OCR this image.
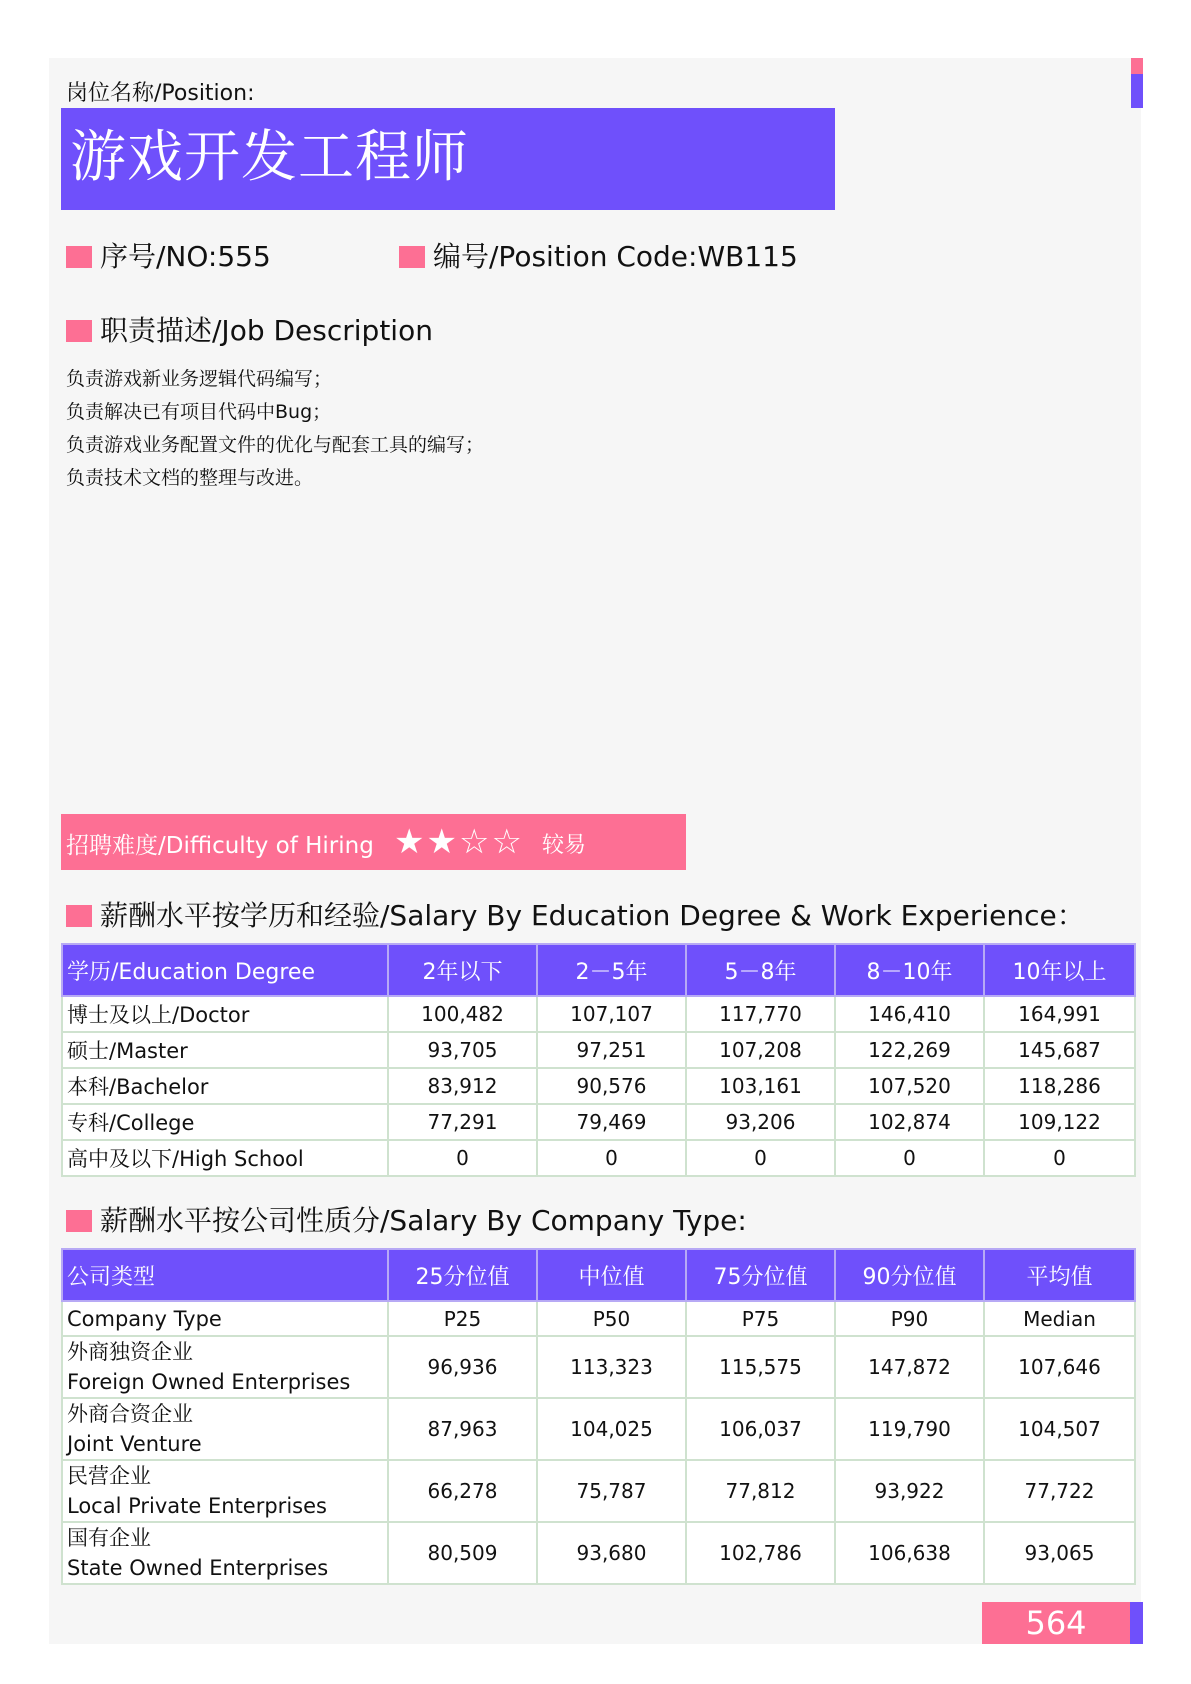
岗位名称/Position:
游戏开发工程师
序号/NO:555	编号/Position Code:WB115
职责描述/Job Description
负责游戏新业务逻辑代码编写；
负责解决已有项目代码中Bug；
负责游戏业务配置文件的优化与配套工具的编写；
负责技术文档的整理与改进。
招聘难度/Difficulty of Hiring ★★☆☆ 较易
薪酬水平按学历和经验/Salary By Education Degree & Work Experience：
学历/Education Degree	2年以下	2－5年	5－8年	8－10年	10年以上
博士及以上/Doctor	100,482	107,107	117,770	146,410	164,991
硕士/Master	93,705	97,251	107,208	122,269	145,687
本科/Bachelor	83,912	90,576	103,161	107,520	118,286
专科/College	77,291	79,469	93,206	102,874	109,122
高中及以下/High School	0	0	0	0	0
薪酬水平按公司性质分/Salary By Company Type:
公司类型	25分位值	中位值	75分位值	90分位值	平均值
Company Type	P25	P50	P75	P90	Median

外商独资企业
Foreign Owned Enterprises	96,936	113,323	115,575	147,872	107,646

外商合资企业
Joint Venture	87,963	104,025	106,037	119,790	104,507

民营企业
Local Private Enterprises	66,278	75,787	77,812	93,922	77,722

国有企业
State Owned Enterprises	80,509	93,680	102,786	106,638	93,065
564
